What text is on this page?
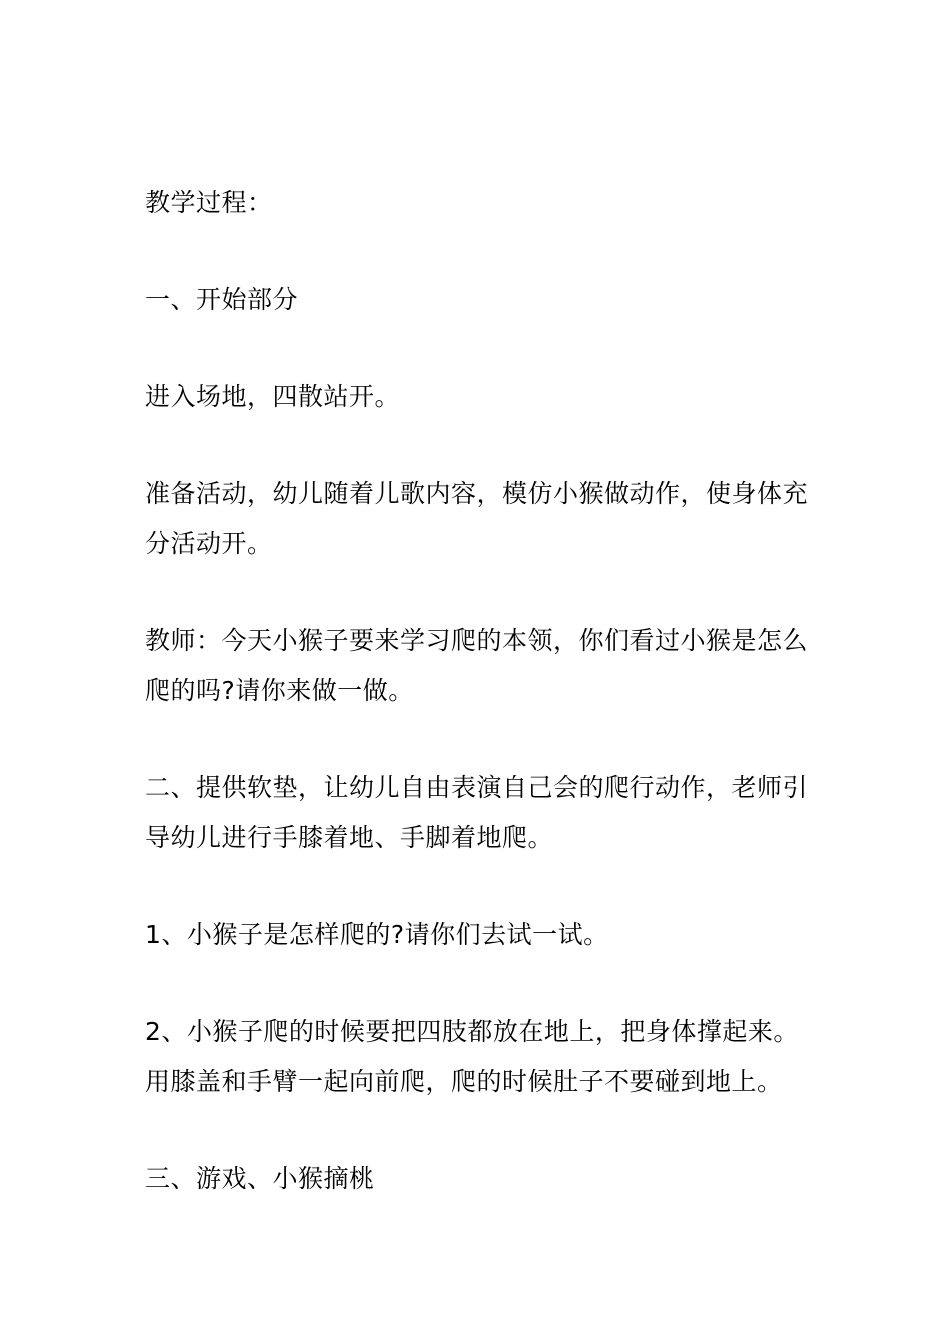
教学过程：

一、开始部分

进入场地，四散站开。

准备活动，幼儿随着儿歌内容，模仿小猴做动作，使身体充分活动开。

教师：今天小猴子要来学习爬的本领，你们看过小猴是怎么爬的吗?请你来做一做。

二、提供软垫，让幼儿自由表演自己会的爬行动作，老师引导幼儿进行手膝着地、手脚着地爬。

1、小猴子是怎样爬的?请你们去试一试。

2、小猴子爬的时候要把四肢都放在地上，把身体撑起来。用膝盖和手臂一起向前爬，爬的时候肚子不要碰到地上。

三、游戏、小猴摘桃
